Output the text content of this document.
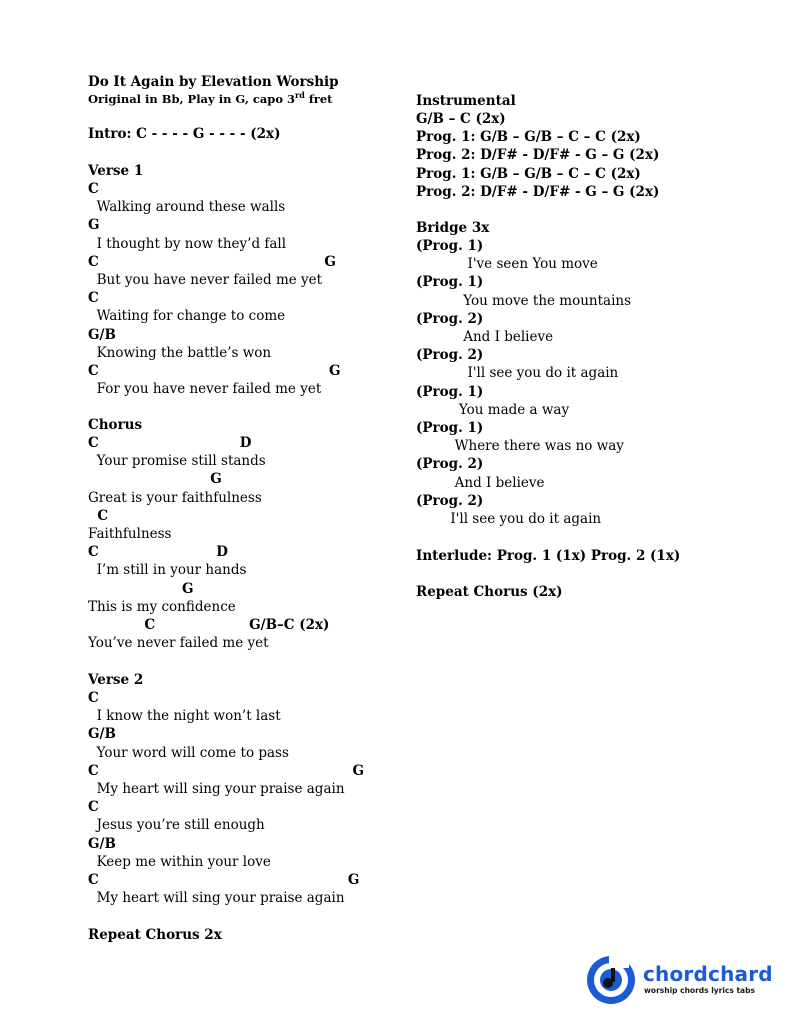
Do It Again by Elevation Worship
Original in Bb, Play in G, capo 3rd fret
Intro: C - - - - G - - - - (2x)
Verse 1
C
Walking around these walls
G
I thought by now they’d fall
C                                                G
But you have never failed me yet
C
Waiting for change to come
G/B
Knowing the battle’s won
C                                                 G
For you have never failed me yet
Chorus
C                              D
Your promise still stands
G
Great is your faithfulness
C
Faithfulness
C                         D
I’m still in your hands
G
This is my confidence
C                    G/B–C (2x)
You’ve never failed me yet
Verse 2
C
I know the night won’t last
G/B
Your word will come to pass
C                                                      G
My heart will sing your praise again
C
Jesus you’re still enough
G/B
Keep me within your love
C                                                     G
My heart will sing your praise again
Repeat Chorus 2x
Instrumental
G/B – C (2x)
Prog. 1: G/B – G/B – C – C (2x)
Prog. 2: D/F# - D/F# - G – G (2x)
Prog. 1: G/B – G/B – C – C (2x)
Prog. 2: D/F# - D/F# - G – G (2x)
Bridge 3x
(Prog. 1)
I've seen You move
(Prog. 1)
You move the mountains
(Prog. 2)
And I believe
(Prog. 2)
I'll see you do it again
(Prog. 1)
You made a way
(Prog. 1)
Where there was no way
(Prog. 2)
And I believe
(Prog. 2)
I'll see you do it again
Interlude: Prog. 1 (1x) Prog. 2 (1x)
Repeat Chorus (2x)
chordchard
worship chords lyrics tabs
